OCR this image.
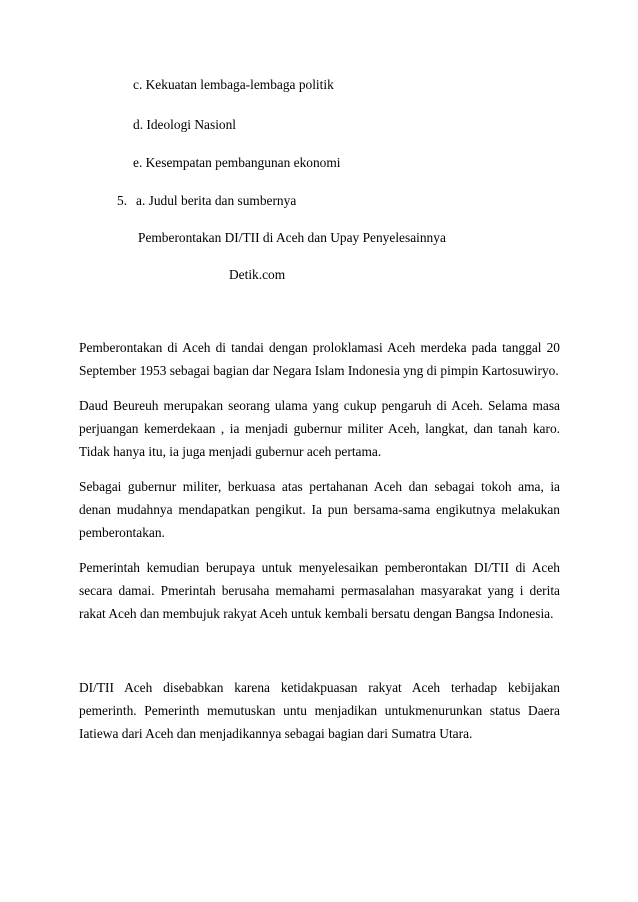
c. Kekuatan lembaga-lembaga politik
d. Ideologi Nasionl
e. Kesempatan pembangunan ekonomi
5. a. Judul berita dan sumbernya
Pemberontakan DI/TII di Aceh dan Upay Penyelesainnya
Detik.com

Pemberontakan di Aceh di tandai dengan proloklamasi Aceh merdeka pada tanggal 20 September 1953 sebagai bagian dar Negara Islam Indonesia yng di pimpin Kartosuwiryo.

Daud Beureuh merupakan seorang ulama yang cukup pengaruh di Aceh. Selama masa perjuangan kemerdekaan , ia menjadi gubernur militer Aceh, langkat, dan tanah karo. Tidak hanya itu, ia juga menjadi gubernur aceh pertama.

Sebagai gubernur militer, berkuasa atas pertahanan Aceh dan sebagai tokoh ama, ia denan mudahnya mendapatkan pengikut. Ia pun bersama-sama engikutnya melakukan pemberontakan.

Pemerintah kemudian berupaya untuk menyelesaikan pemberontakan DI/TII di Aceh secara damai. Pmerintah berusaha memahami permasalahan masyarakat yang i derita rakat Aceh dan membujuk rakyat Aceh untuk kembali bersatu dengan Bangsa Indonesia.

DI/TII Aceh disebabkan karena ketidakpuasan rakyat Aceh terhadap kebijakan pemerinth. Pemerinth memutuskan untu menjadikan untukmenurunkan status Daera Iatiewa dari Aceh dan menjadikannya sebagai bagian dari Sumatra Utara.
